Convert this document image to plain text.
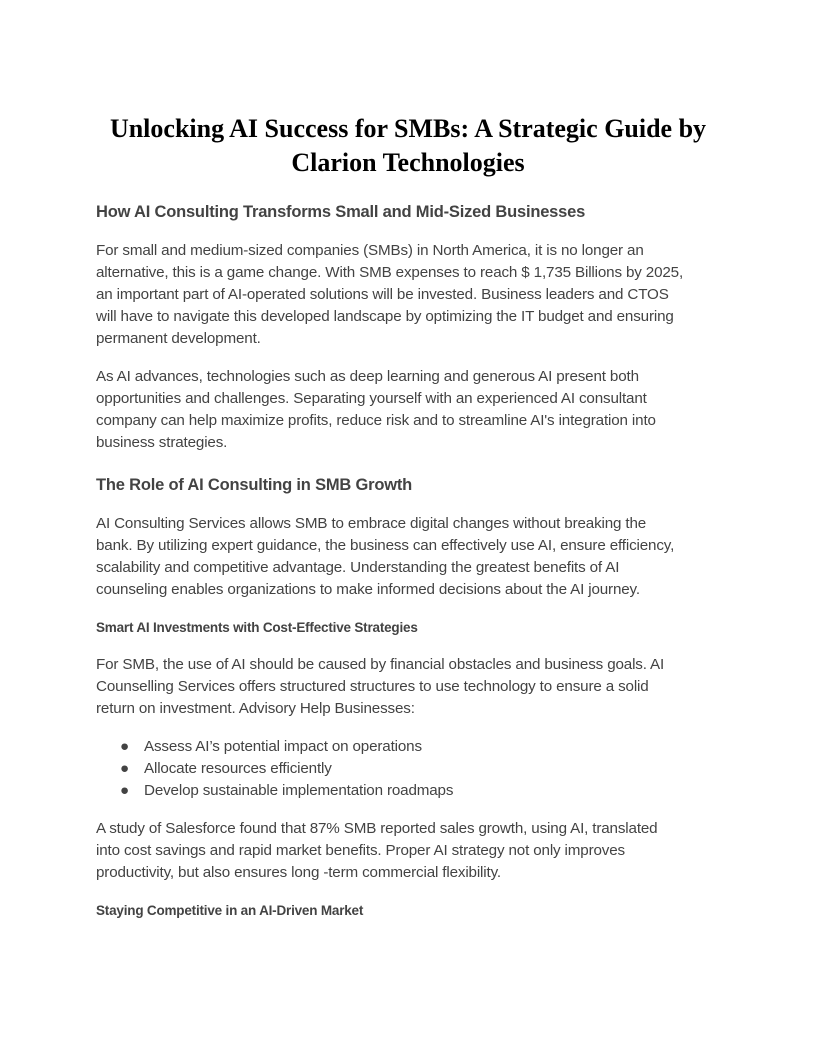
Unlocking AI Success for SMBs: A Strategic Guide by
Clarion Technologies
How AI Consulting Transforms Small and Mid-Sized Businesses
For small and medium-sized companies (SMBs) in North America, it is no longer an
alternative, this is a game change. With SMB expenses to reach $ 1,735 Billions by 2025,
an important part of AI-operated solutions will be invested. Business leaders and CTOS
will have to navigate this developed landscape by optimizing the IT budget and ensuring
permanent development.
As AI advances, technologies such as deep learning and generous AI present both
opportunities and challenges. Separating yourself with an experienced AI consultant
company can help maximize profits, reduce risk and to streamline AI's integration into
business strategies.
The Role of AI Consulting in SMB Growth
AI Consulting Services allows SMB to embrace digital changes without breaking the
bank. By utilizing expert guidance, the business can effectively use AI, ensure efficiency,
scalability and competitive advantage. Understanding the greatest benefits of AI
counseling enables organizations to make informed decisions about the AI journey.
Smart AI Investments with Cost-Effective Strategies
For SMB, the use of AI should be caused by financial obstacles and business goals. AI
Counselling Services offers structured structures to use technology to ensure a solid
return on investment. Advisory Help Businesses:
● Assess AI’s potential impact on operations
● Allocate resources efficiently
● Develop sustainable implementation roadmaps
A study of Salesforce found that 87% SMB reported sales growth, using AI, translated
into cost savings and rapid market benefits. Proper AI strategy not only improves
productivity, but also ensures long -term commercial flexibility.
Staying Competitive in an AI-Driven Market
